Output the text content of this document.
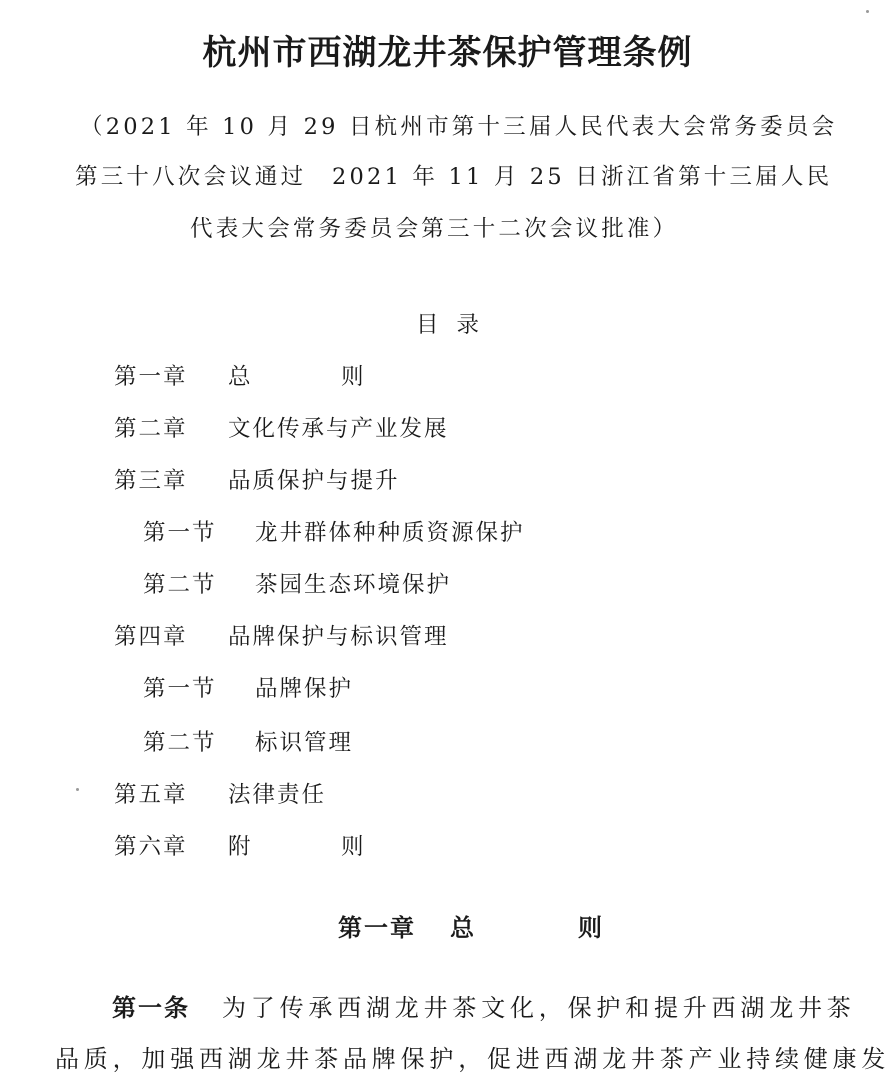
杭州市西湖龙井茶保护管理条例
（2021 年 10 月 29 日杭州市第十三届人民代表大会常务委员会
第三十八次会议通过　2021 年 11 月 25 日浙江省第十三届人民
代表大会常务委员会第三十二次会议批准）
目录
第一章 总　则
第二章 文化传承与产业发展
第三章 品质保护与提升
第一节 龙井群体种种质资源保护
第二节 茶园生态环境保护
第四章 品牌保护与标识管理
第一节 品牌保护
第二节 标识管理
第五章 法律责任
第六章 附　则
第一章 总　则
第一条 为了传承西湖龙井茶文化，保护和提升西湖龙井茶
品质，加强西湖龙井茶品牌保护，促进西湖龙井茶产业持续健康发
